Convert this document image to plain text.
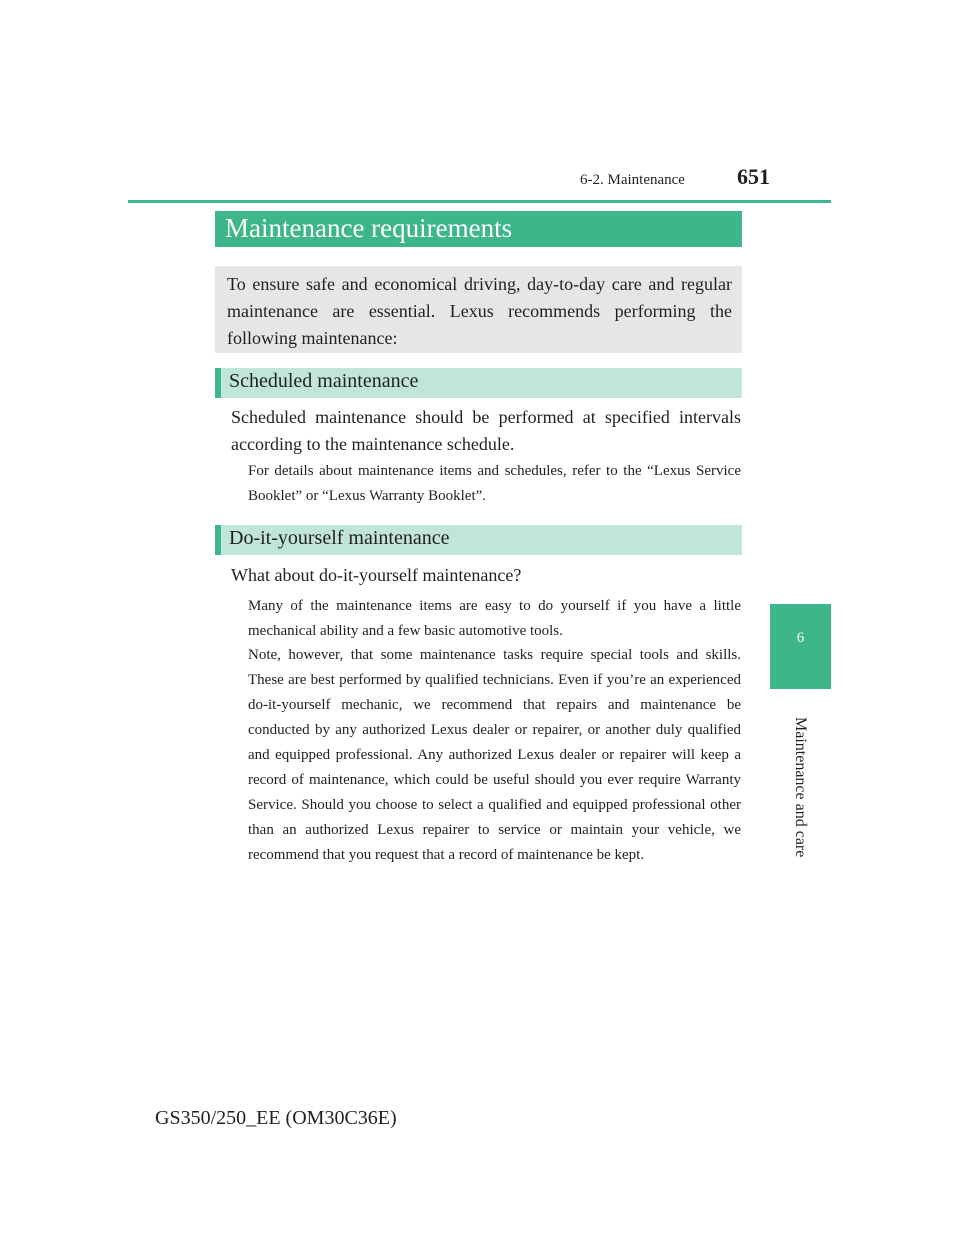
6-2. Maintenance 651
Maintenance requirements

To ensure safe and economical driving, day-to-day care and regular maintenance are essential. Lexus recommends performing the following maintenance:

Scheduled maintenance

Scheduled maintenance should be performed at specified intervals according to the maintenance schedule.

For details about maintenance items and schedules, refer to the “Lexus Service Booklet” or “Lexus Warranty Booklet”.

Do-it-yourself maintenance

What about do-it-yourself maintenance?

Many of the maintenance items are easy to do yourself if you have a little mechanical ability and a few basic automotive tools.

Note, however, that some maintenance tasks require special tools and skills. These are best performed by qualified technicians. Even if you’re an experienced do-it-yourself mechanic, we recommend that repairs and maintenance be conducted by any authorized Lexus dealer or repairer, or another duly qualified and equipped professional. Any authorized Lexus dealer or repairer will keep a record of maintenance, which could be useful should you ever require Warranty Service. Should you choose to select a qualified and equipped professional other than an authorized Lexus repairer to service or maintain your vehicle, we recommend that you request that a record of maintenance be kept.

6
Maintenance and care
GS350/250_EE (OM30C36E)
